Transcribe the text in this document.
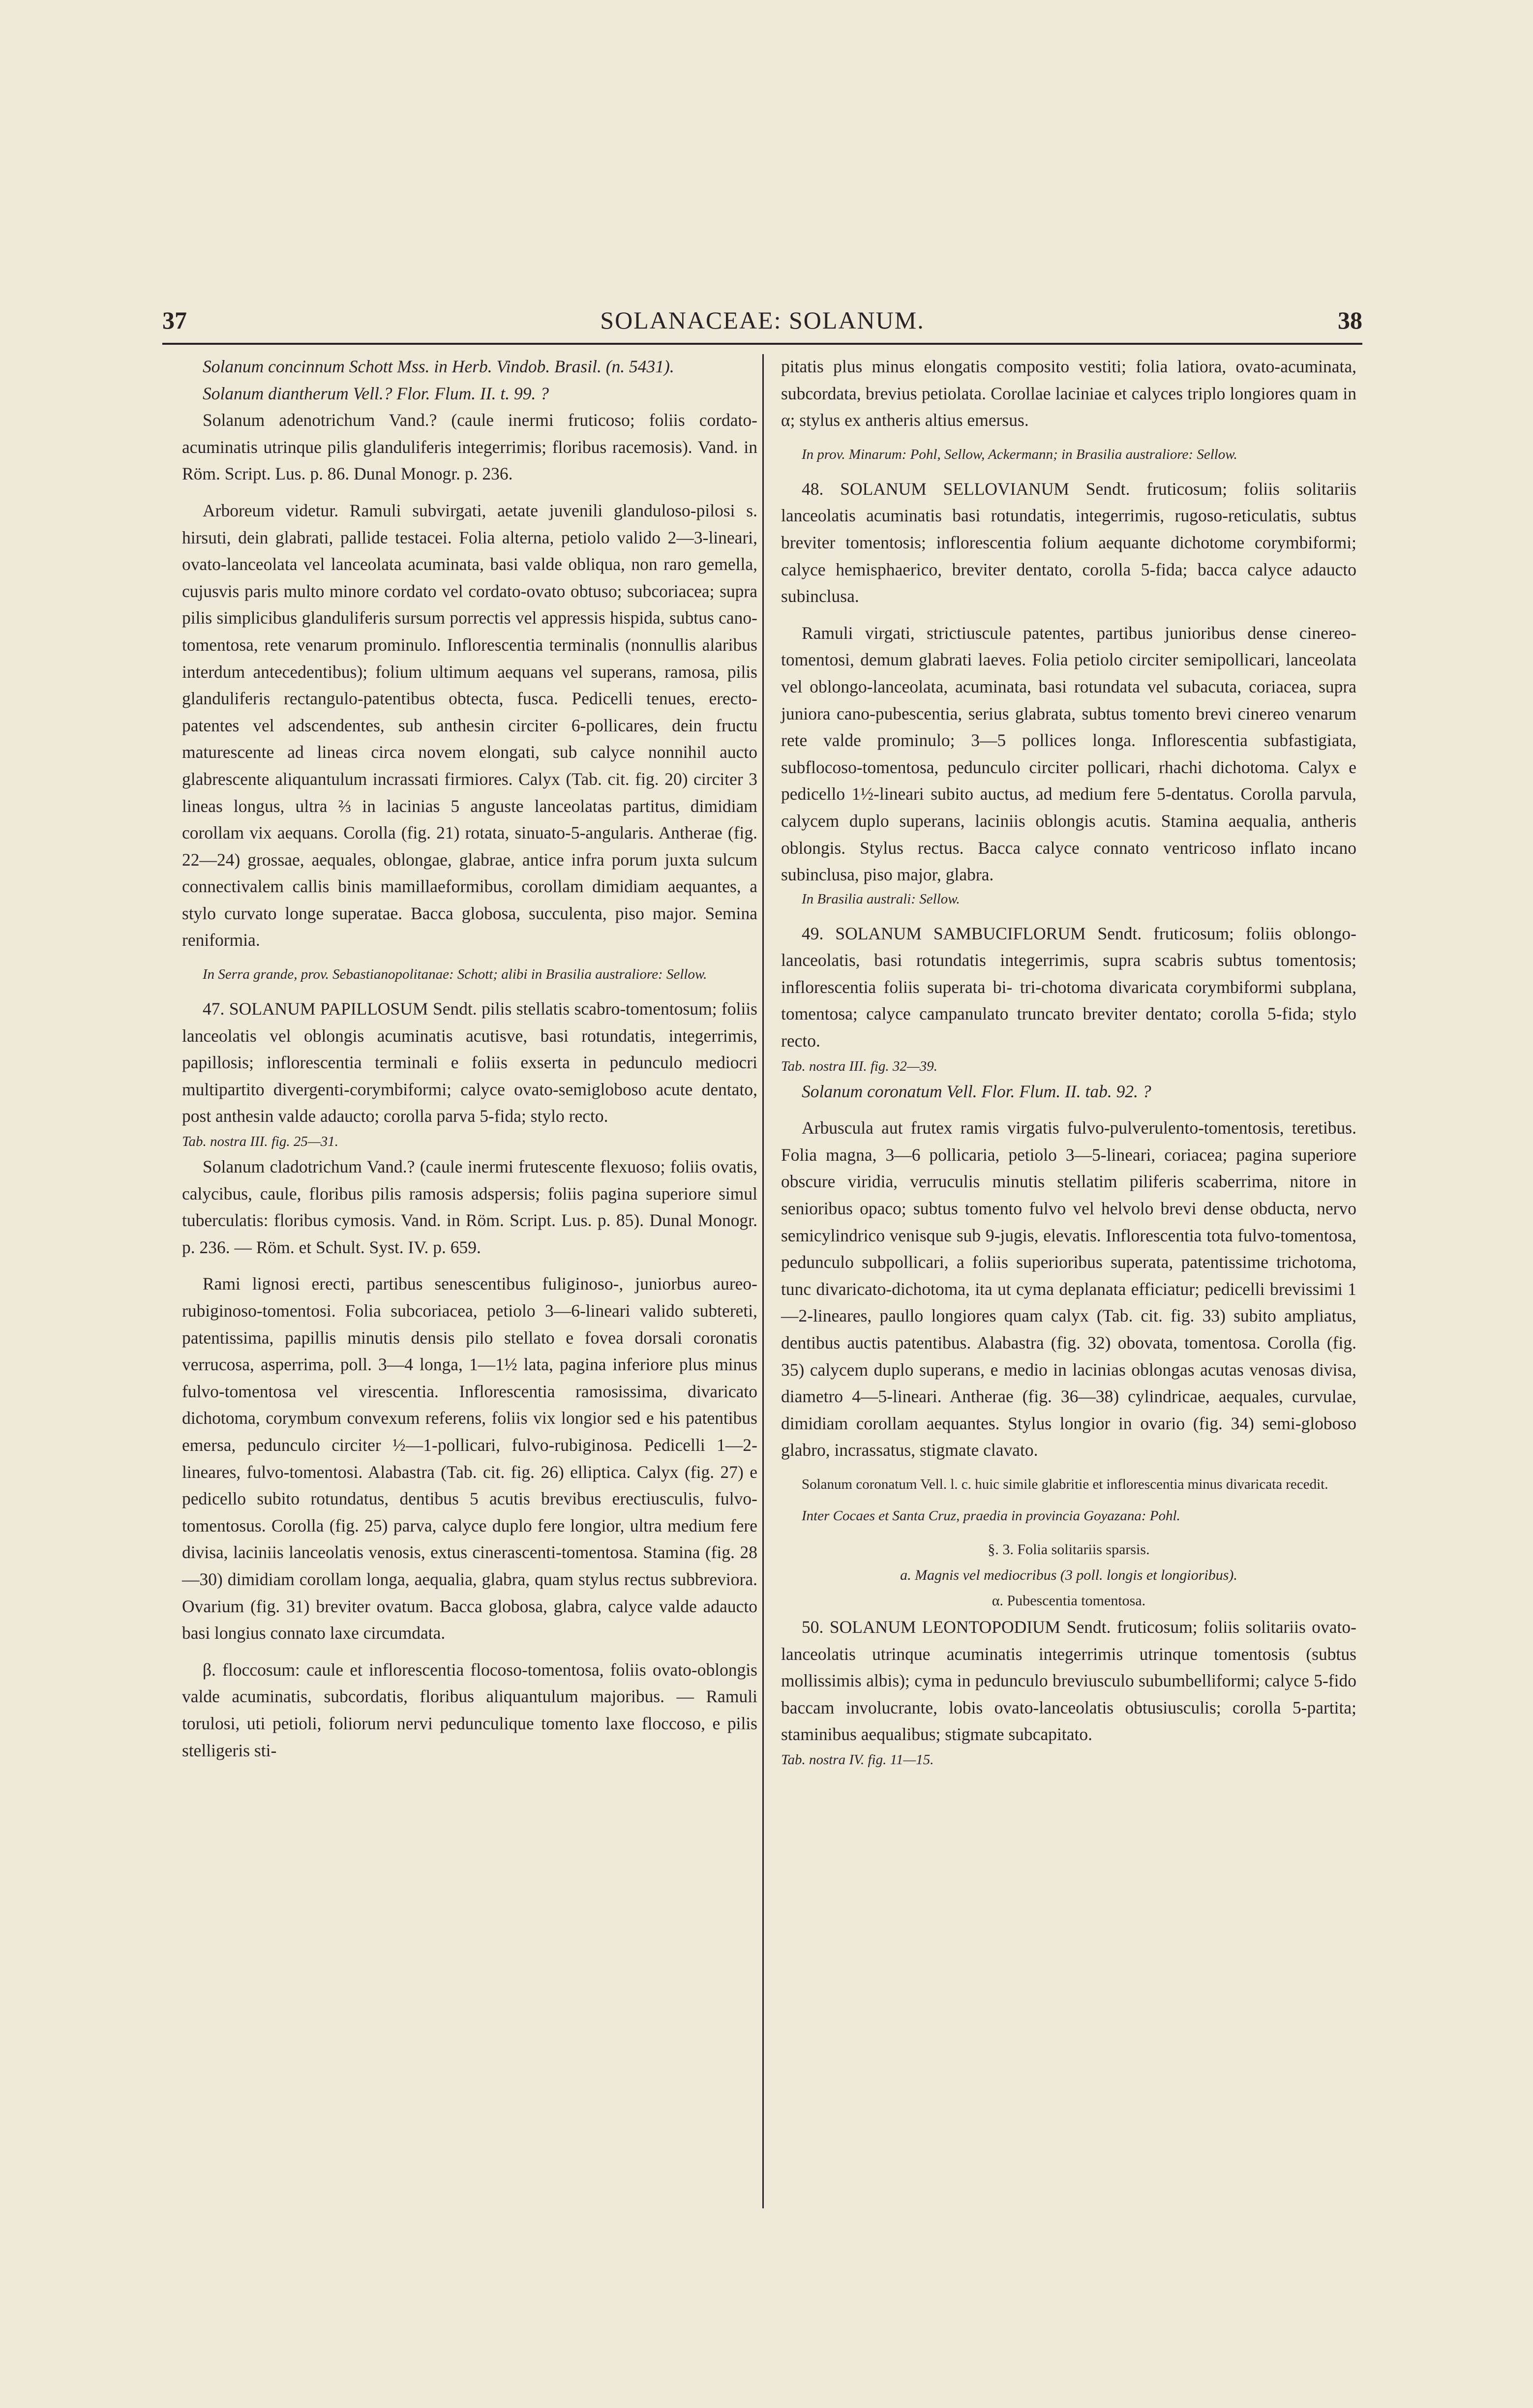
37	SOLANACEAE: SOLANUM.	38

Solanum concinnum Schott Mss. in Herb. Vindob. Brasil. (n. 5431).

Solanum diantherum Vell.? Flor. Flum. II. t. 99. ?

Solanum adenotrichum Vand.? (caule inermi fruticoso; foliis cordato-acuminatis utrinque pilis glanduliferis integerrimis; floribus racemosis). Vand. in Röm. Script. Lus. p. 86. Dunal Monogr. p. 236.

Arboreum videtur. Ramuli subvirgati, aetate juvenili glanduloso-pilosi s. hirsuti, dein glabrati, pallide testacei. Folia alterna, petiolo valido 2—3-lineari, ovato-lanceolata vel lanceolata acuminata, basi valde obliqua, non raro gemella, cujusvis paris multo minore cordato vel cordato-ovato obtuso; subcoriacea; supra pilis simplicibus glanduliferis sursum porrectis vel appressis hispida, subtus cano-tomentosa, rete venarum prominulo. Inflorescentia terminalis (nonnullis alaribus interdum antecedentibus); folium ultimum aequans vel superans, ramosa, pilis glanduliferis rectangulo-patentibus obtecta, fusca. Pedicelli tenues, erecto-patentes vel adscendentes, sub anthesin circiter 6-pollicares, dein fructu maturescente ad lineas circa novem elongati, sub calyce nonnihil aucto glabrescente aliquantulum incrassati firmiores. Calyx (Tab. cit. fig. 20) circiter 3 lineas longus, ultra ⅔ in lacinias 5 anguste lanceolatas partitus, dimidiam corollam vix aequans. Corolla (fig. 21) rotata, sinuato-5-angularis. Antherae (fig. 22—24) grossae, aequales, oblongae, glabrae, antice infra porum juxta sulcum connectivalem callis binis mamillaeformibus, corollam dimidiam aequantes, a stylo curvato longe superatae. Bacca globosa, succulenta, piso major. Semina reniformia.

In Serra grande, prov. Sebastianopolitanae: Schott; alibi in Brasilia australiore: Sellow.

47. SOLANUM PAPILLOSUM Sendt. pilis stellatis scabro-tomentosum; foliis lanceolatis vel oblongis acuminatis acutisve, basi rotundatis, integerrimis, papillosis; inflorescentia terminali e foliis exserta in pedunculo mediocri multipartito divergenti-corymbiformi; calyce ovato-semigloboso acute dentato, post anthesin valde adaucto; corolla parva 5-fida; stylo recto.

Tab. nostra III. fig. 25—31.

Solanum cladotrichum Vand.? (caule inermi frutescente flexuoso; foliis ovatis, calycibus, caule, floribus pilis ramosis adspersis; foliis pagina superiore simul tuberculatis: floribus cymosis. Vand. in Röm. Script. Lus. p. 85). Dunal Monogr. p. 236. — Röm. et Schult. Syst. IV. p. 659.

Rami lignosi erecti, partibus senescentibus fuliginoso-, juniorbus aureo-rubiginoso-tomentosi. Folia subcoriacea, petiolo 3—6-lineari valido subtereti, patentissima, papillis minutis densis pilo stellato e fovea dorsali coronatis verrucosa, asperrima, poll. 3—4 longa, 1—1½ lata, pagina inferiore plus minus fulvo-tomentosa vel virescentia. Inflorescentia ramosissima, divaricato dichotoma, corymbum convexum referens, foliis vix longior sed e his patentibus emersa, pedunculo circiter ½—1-pollicari, fulvo-rubiginosa. Pedicelli 1—2-lineares, fulvo-tomentosi. Alabastra (Tab. cit. fig. 26) elliptica. Calyx (fig. 27) e pedicello subito rotundatus, dentibus 5 acutis brevibus erectiusculis, fulvo-tomentosus. Corolla (fig. 25) parva, calyce duplo fere longior, ultra medium fere divisa, laciniis lanceolatis venosis, extus cinerascenti-tomentosa. Stamina (fig. 28—30) dimidiam corollam longa, aequalia, glabra, quam stylus rectus subbreviora. Ovarium (fig. 31) breviter ovatum. Bacca globosa, glabra, calyce valde adaucto basi longius connato laxe circumdata.

β. floccosum: caule et inflorescentia flocoso-tomentosa, foliis ovato-oblongis valde acuminatis, subcordatis, floribus aliquantulum majoribus. — Ramuli torulosi, uti petioli, foliorum nervi pedunculique tomento laxe floccoso, e pilis stelligeris sti-

pitatis plus minus elongatis composito vestiti; folia latiora, ovato-acuminata, subcordata, brevius petiolata. Corollae laciniae et calyces triplo longiores quam in α; stylus ex antheris altius emersus.

In prov. Minarum: Pohl, Sellow, Ackermann; in Brasilia australiore: Sellow.

48. SOLANUM SELLOVIANUM Sendt. fruticosum; foliis solitariis lanceolatis acuminatis basi rotundatis, integerrimis, rugoso-reticulatis, subtus breviter tomentosis; inflorescentia folium aequante dichotome corymbiformi; calyce hemisphaerico, breviter dentato, corolla 5-fida; bacca calyce adaucto subinclusa.

Ramuli virgati, strictiuscule patentes, partibus junioribus dense cinereo-tomentosi, demum glabrati laeves. Folia petiolo circiter semipollicari, lanceolata vel oblongo-lanceolata, acuminata, basi rotundata vel subacuta, coriacea, supra juniora cano-pubescentia, serius glabrata, subtus tomento brevi cinereo venarum rete valde prominulo; 3—5 pollices longa. Inflorescentia subfastigiata, subflocoso-tomentosa, pedunculo circiter pollicari, rhachi dichotoma. Calyx e pedicello 1½-lineari subito auctus, ad medium fere 5-dentatus. Corolla parvula, calycem duplo superans, laciniis oblongis acutis. Stamina aequalia, antheris oblongis. Stylus rectus. Bacca calyce connato ventricoso inflato incano subinclusa, piso major, glabra.

In Brasilia australi: Sellow.

49. SOLANUM SAMBUCIFLORUM Sendt. fruticosum; foliis oblongo-lanceolatis, basi rotundatis integerrimis, supra scabris subtus tomentosis; inflorescentia foliis superata bi- tri-chotoma divaricata corymbiformi subplana, tomentosa; calyce campanulato truncato breviter dentato; corolla 5-fida; stylo recto.

Tab. nostra III. fig. 32—39.

Solanum coronatum Vell. Flor. Flum. II. tab. 92. ?

Arbuscula aut frutex ramis virgatis fulvo-pulverulento-tomentosis, teretibus. Folia magna, 3—6 pollicaria, petiolo 3—5-lineari, coriacea; pagina superiore obscure viridia, verruculis minutis stellatim piliferis scaberrima, nitore in senioribus opaco; subtus tomento fulvo vel helvolo brevi dense obducta, nervo semicylindrico venisque sub 9-jugis, elevatis. Inflorescentia tota fulvo-tomentosa, pedunculo subpollicari, a foliis superioribus superata, patentissime trichotoma, tunc divaricato-dichotoma, ita ut cyma deplanata efficiatur; pedicelli brevissimi 1—2-lineares, paullo longiores quam calyx (Tab. cit. fig. 33) subito ampliatus, dentibus auctis patentibus. Alabastra (fig. 32) obovata, tomentosa. Corolla (fig. 35) calycem duplo superans, e medio in lacinias oblongas acutas venosas divisa, diametro 4—5-lineari. Antherae (fig. 36—38) cylindricae, aequales, curvulae, dimidiam corollam aequantes. Stylus longior in ovario (fig. 34) semi-globoso glabro, incrassatus, stigmate clavato.

Solanum coronatum Vell. l. c. huic simile glabritie et inflorescentia minus divaricata recedit.

Inter Cocaes et Santa Cruz, praedia in provincia Goyazana: Pohl.

§. 3. Folia solitariis sparsis.

a. Magnis vel mediocribus (3 poll. longis et longioribus).

α. Pubescentia tomentosa.

50. SOLANUM LEONTOPODIUM Sendt. fruticosum; foliis solitariis ovato-lanceolatis utrinque acuminatis integerrimis utrinque tomentosis (subtus mollissimis albis); cyma in pedunculo breviusculo subumbelliformi; calyce 5-fido baccam involucrante, lobis ovato-lanceolatis obtusiusculis; corolla 5-partita; staminibus aequalibus; stigmate subcapitato.

Tab. nostra IV. fig. 11—15.
